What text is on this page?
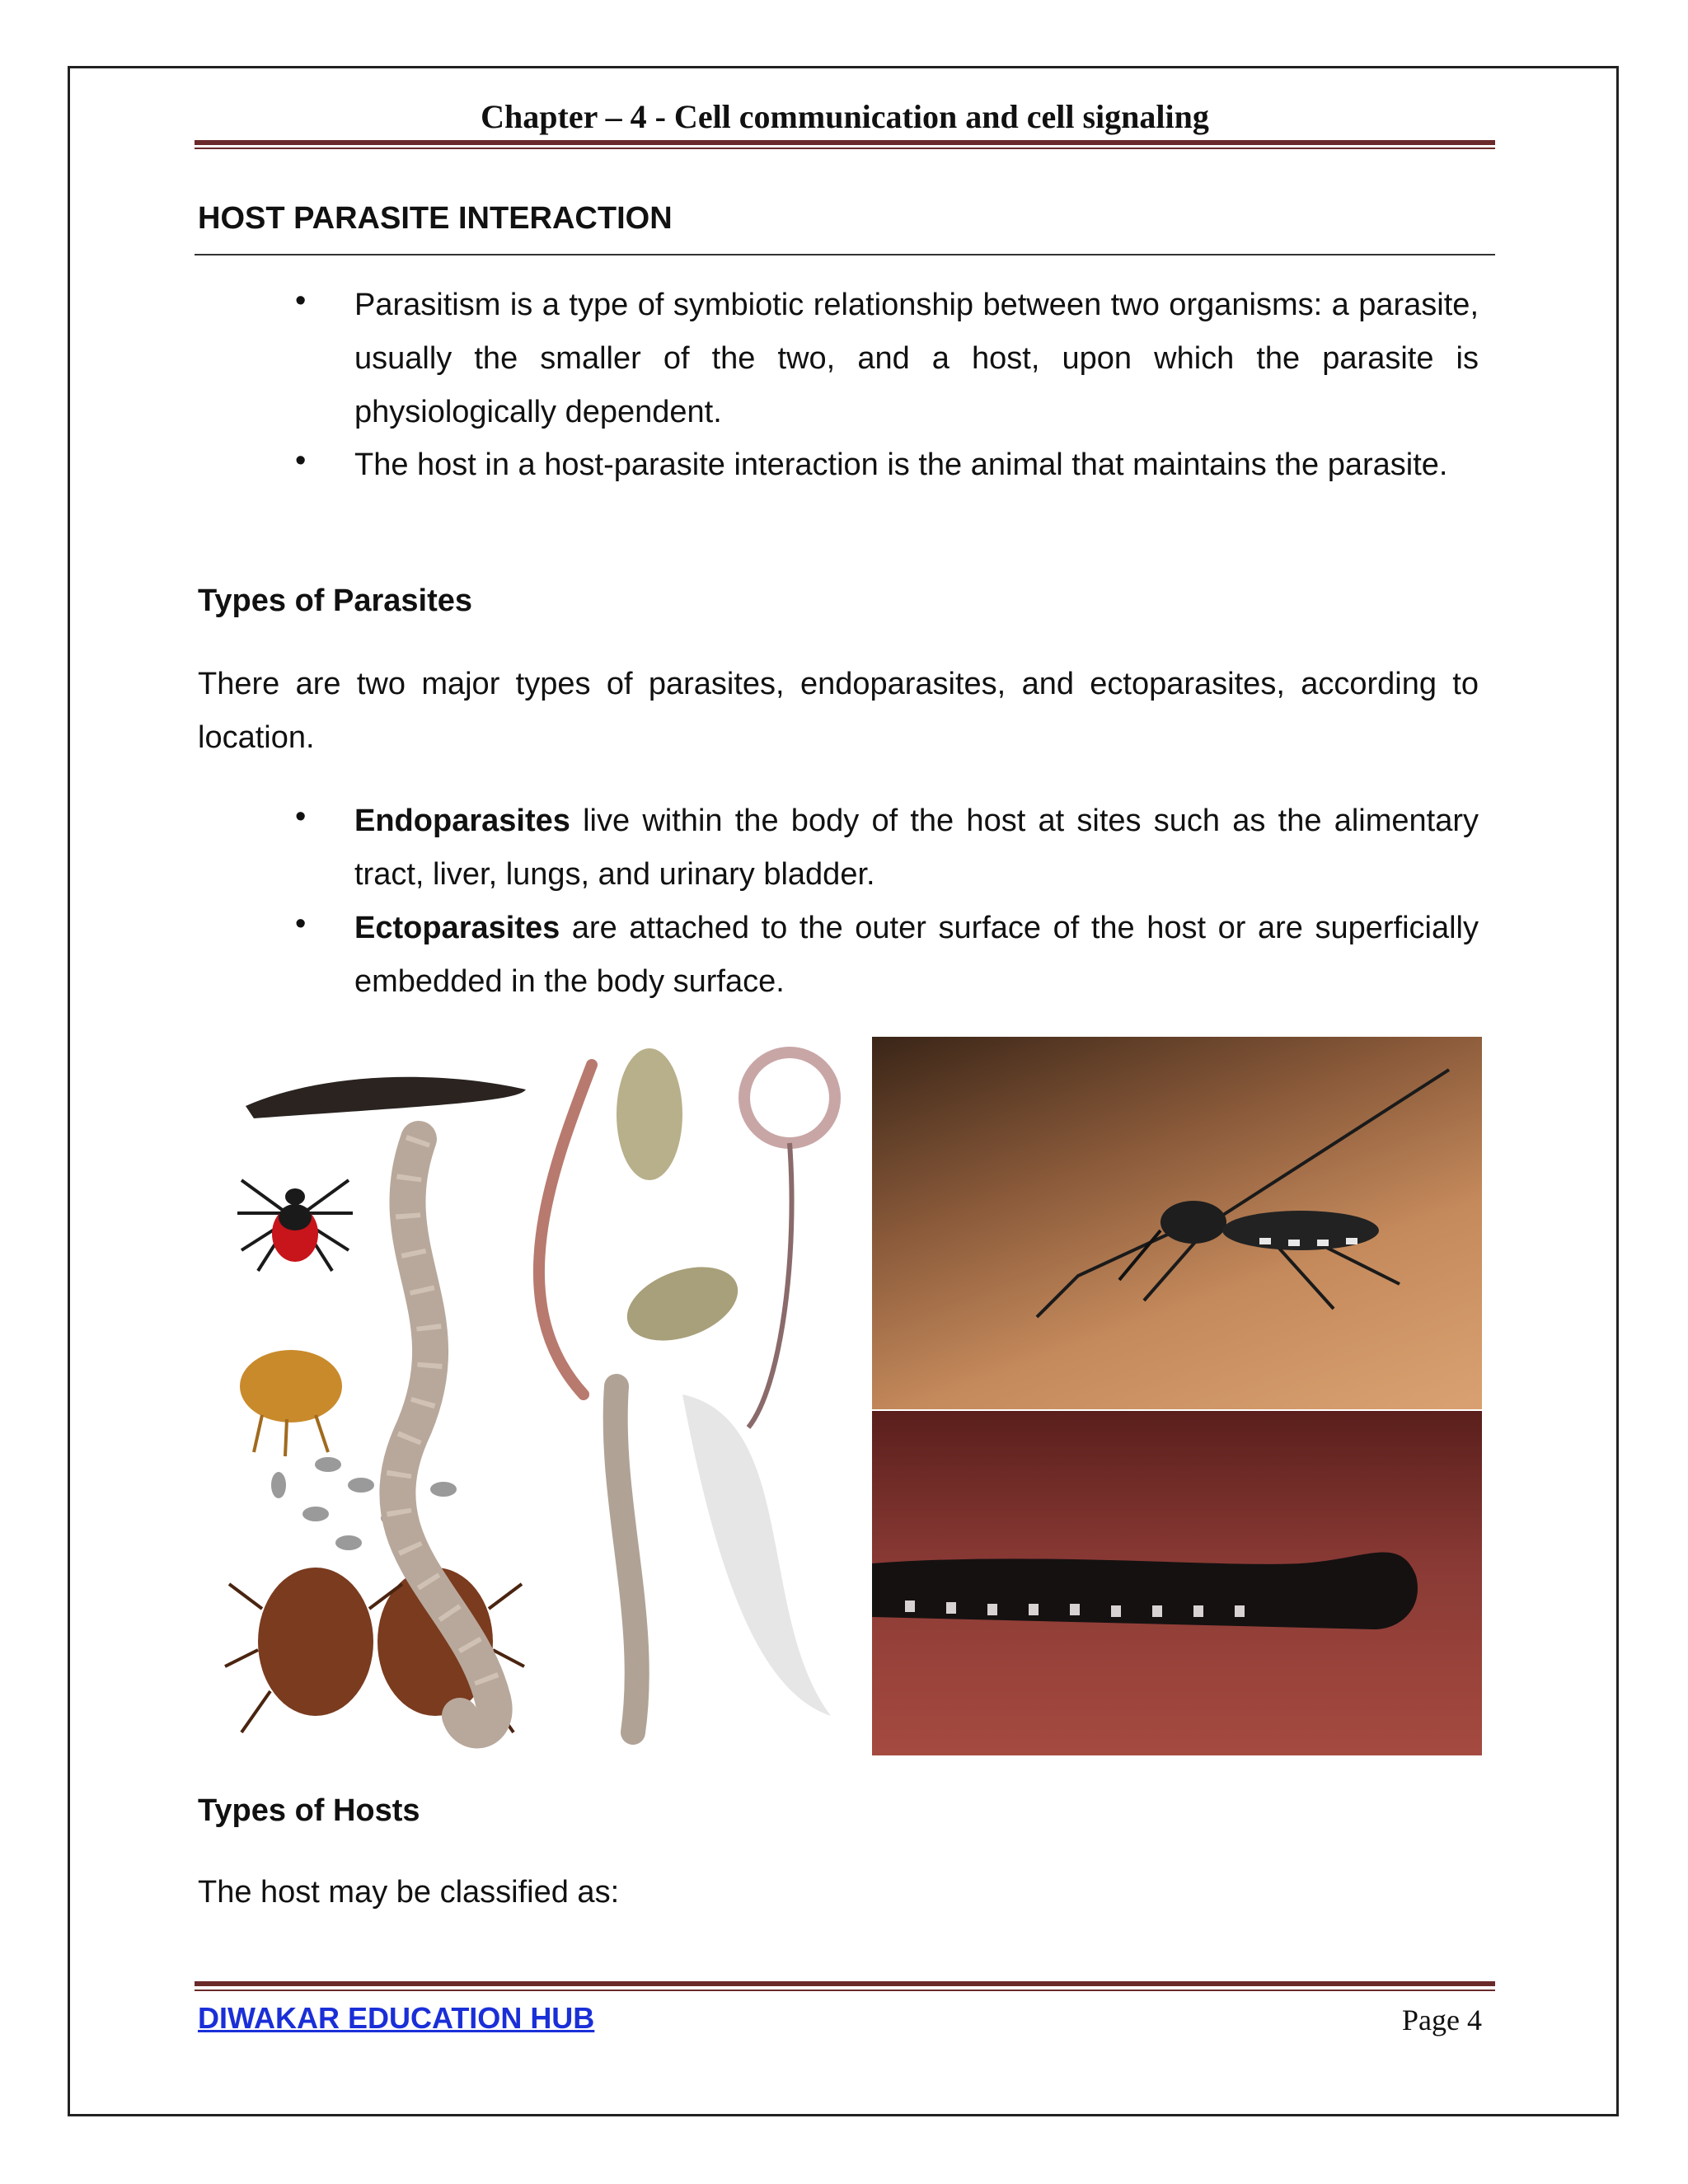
Chapter – 4 - Cell communication and cell signaling
HOST PARASITE INTERACTION
• Parasitism is a type of symbiotic relationship between two organisms: a parasite, usually the smaller of the two, and a host, upon which the parasite is physiologically dependent.
• The host in a host-parasite interaction is the animal that maintains the parasite.
Types of Parasites
There are two major types of parasites, endoparasites, and ectoparasites, according to location.
• Endoparasites live within the body of the host at sites such as the alimentary tract, liver, lungs, and urinary bladder.
• Ectoparasites are attached to the outer surface of the host or are superficially embedded in the body surface.
Types of Hosts
The host may be classified as:
DIWAKAR EDUCATION HUB	Page 4
